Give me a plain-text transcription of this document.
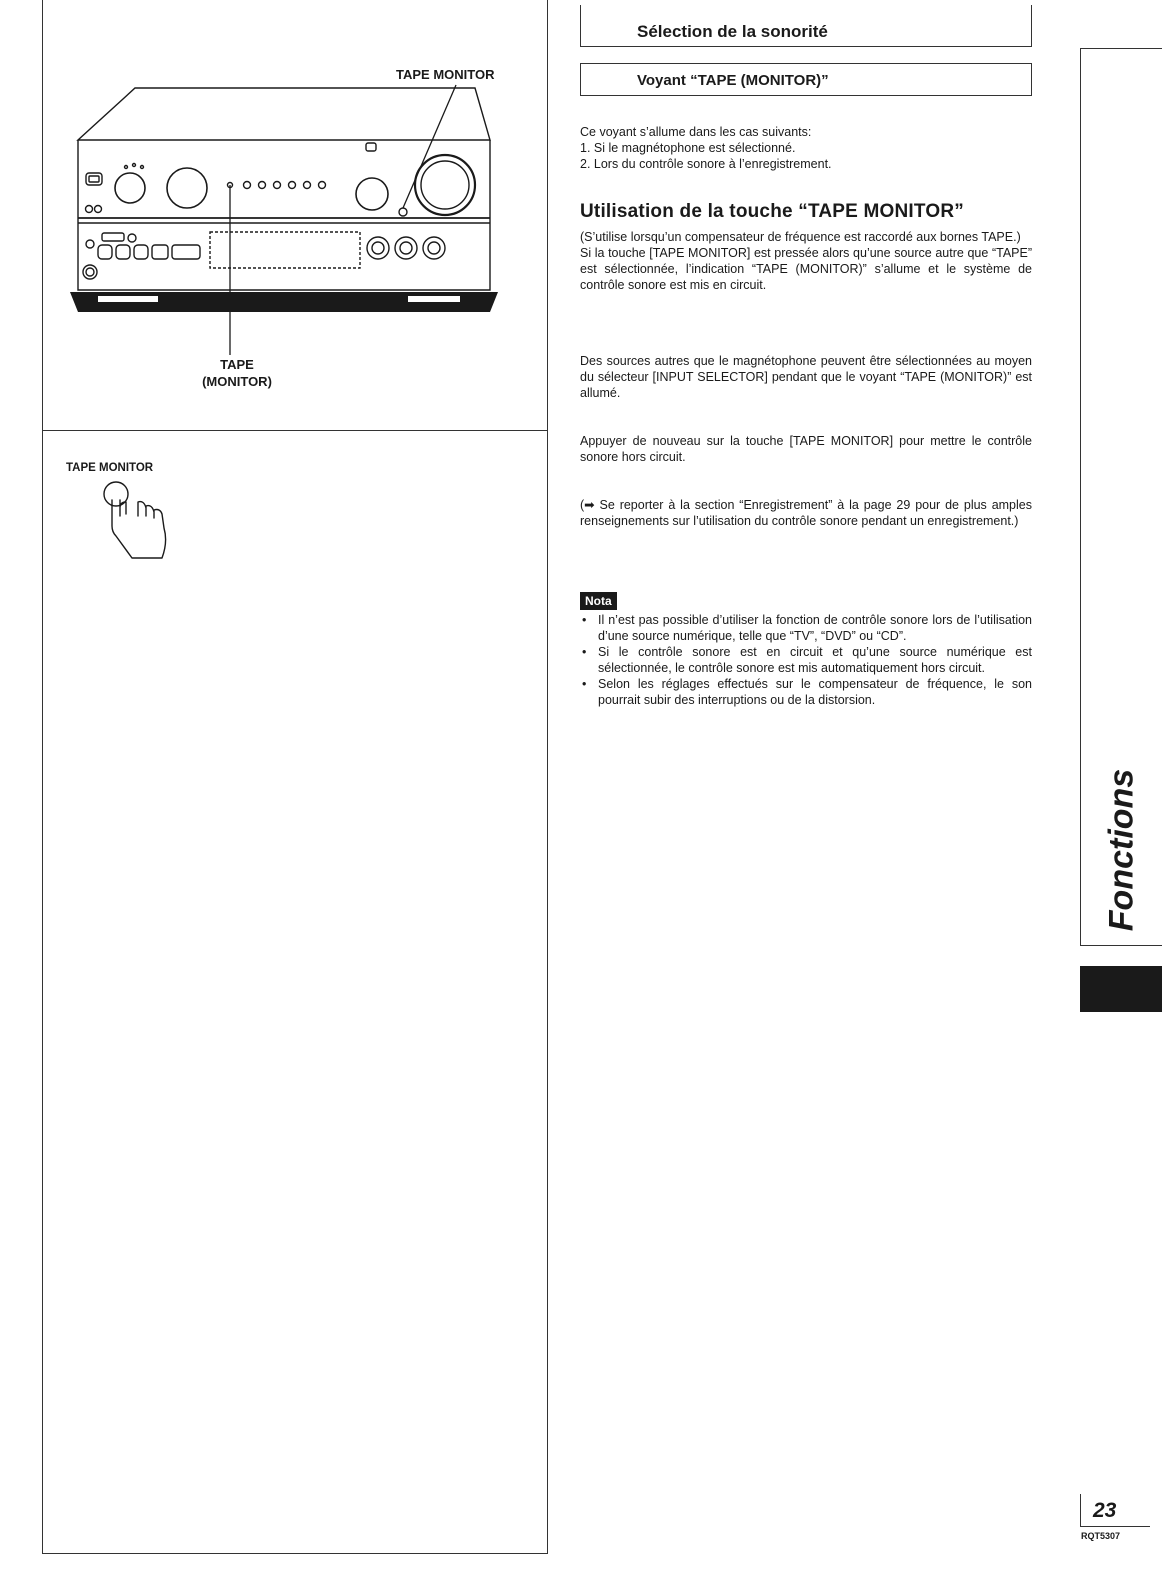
TAPE MONITOR
TAPE
(MONITOR)
TAPE MONITOR
Sélection de la sonorité
Voyant “TAPE (MONITOR)”
Ce voyant s’allume dans les cas suivants:
1. Si le magnétophone est sélectionné.
2. Lors du contrôle sonore à l’enregistrement.
Utilisation de la touche “TAPE MONITOR”
(S’utilise lorsqu’un compensateur de fréquence est raccordé aux bornes TAPE.)
Si la touche [TAPE MONITOR] est pressée alors qu’une source autre que “TAPE” est sélectionnée, l’indication “TAPE (MONITOR)” s’allume et le système de contrôle sonore est mis en circuit.
Des sources autres que le magnétophone peuvent être sélectionnées au moyen du sélecteur [INPUT SELECTOR] pendant que le voyant “TAPE (MONITOR)” est allumé.
Appuyer de nouveau sur la touche [TAPE MONITOR] pour mettre le contrôle sonore hors circuit.
(➡ Se reporter à la section “Enregistrement” à la page 29 pour de plus amples renseignements sur l’utilisation du contrôle sonore pendant un enregistrement.)
Nota
• Il n’est pas possible d’utiliser la fonction de contrôle sonore lors de l’utilisation d’une source numérique, telle que “TV”, “DVD” ou “CD”.
• Si le contrôle sonore est en circuit et qu’une source numérique est sélectionnée, le contrôle sonore est mis automatiquement hors circuit.
• Selon les réglages effectués sur le compensateur de fréquence, le son pourrait subir des interruptions ou de la distorsion.
Fonctions
23
RQT5307
